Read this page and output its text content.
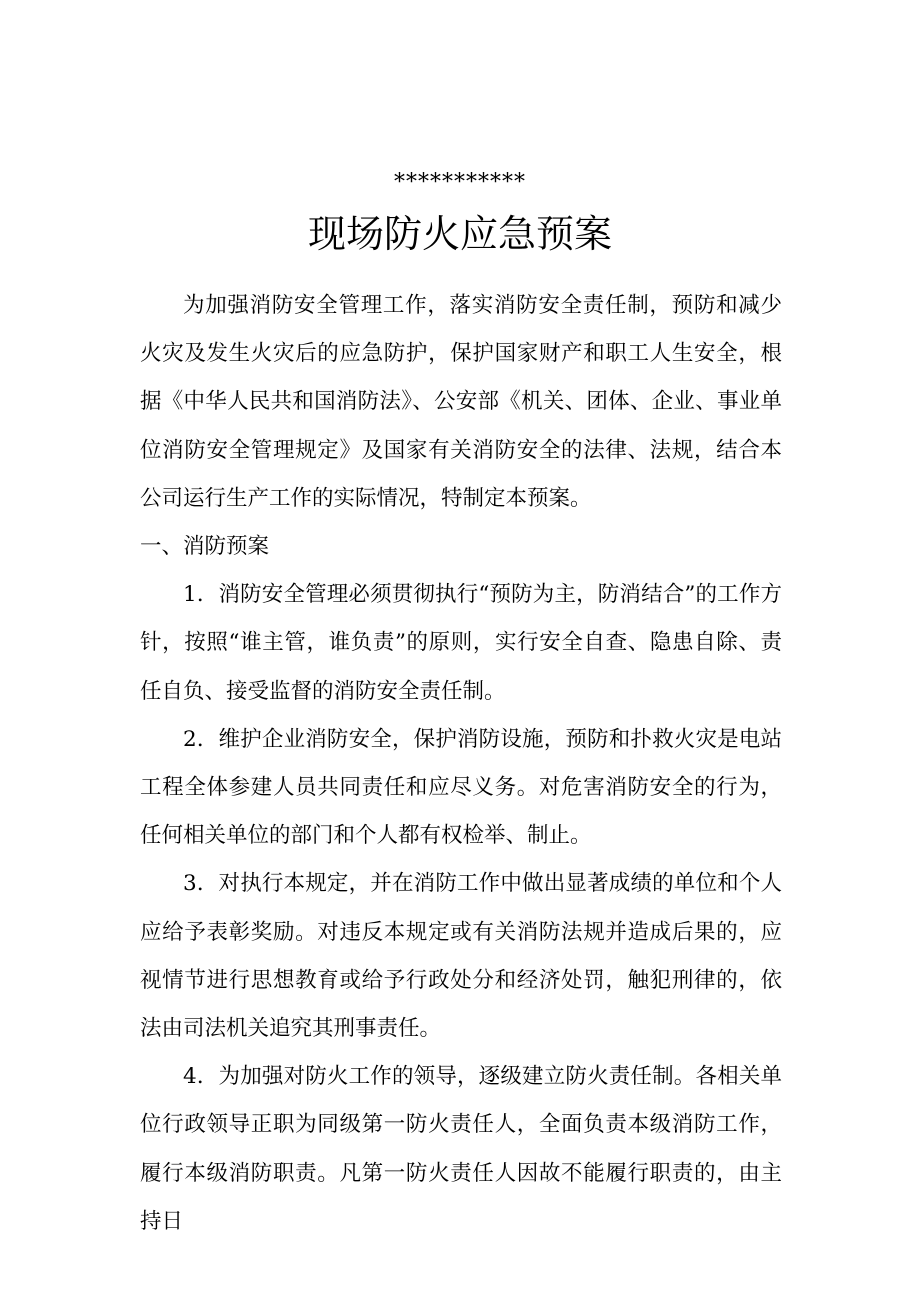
***********
现场防火应急预案

为加强消防安全管理工作，落实消防安全责任制，预防和减少火灾及发生火灾后的应急防护，保护国家财产和职工人生安全，根据《中华人民共和国消防法》、公安部《机关、团体、企业、事业单位消防安全管理规定》及国家有关消防安全的法律、法规，结合本公司运行生产工作的实际情况，特制定本预案。

一、消防预案

1．消防安全管理必须贯彻执行“预防为主，防消结合”的工作方针，按照“谁主管，谁负责”的原则，实行安全自查、隐患自除、责任自负、接受监督的消防安全责任制。

2．维护企业消防安全，保护消防设施，预防和扑救火灾是电站工程全体参建人员共同责任和应尽义务。对危害消防安全的行为，任何相关单位的部门和个人都有权检举、制止。

3．对执行本规定，并在消防工作中做出显著成绩的单位和个人应给予表彰奖励。对违反本规定或有关消防法规并造成后果的，应视情节进行思想教育或给予行政处分和经济处罚，触犯刑律的，依法由司法机关追究其刑事责任。

4．为加强对防火工作的领导，逐级建立防火责任制。各相关单位行政领导正职为同级第一防火责任人，全面负责本级消防工作，履行本级消防职责。凡第一防火责任人因故不能履行职责的，由主持日
